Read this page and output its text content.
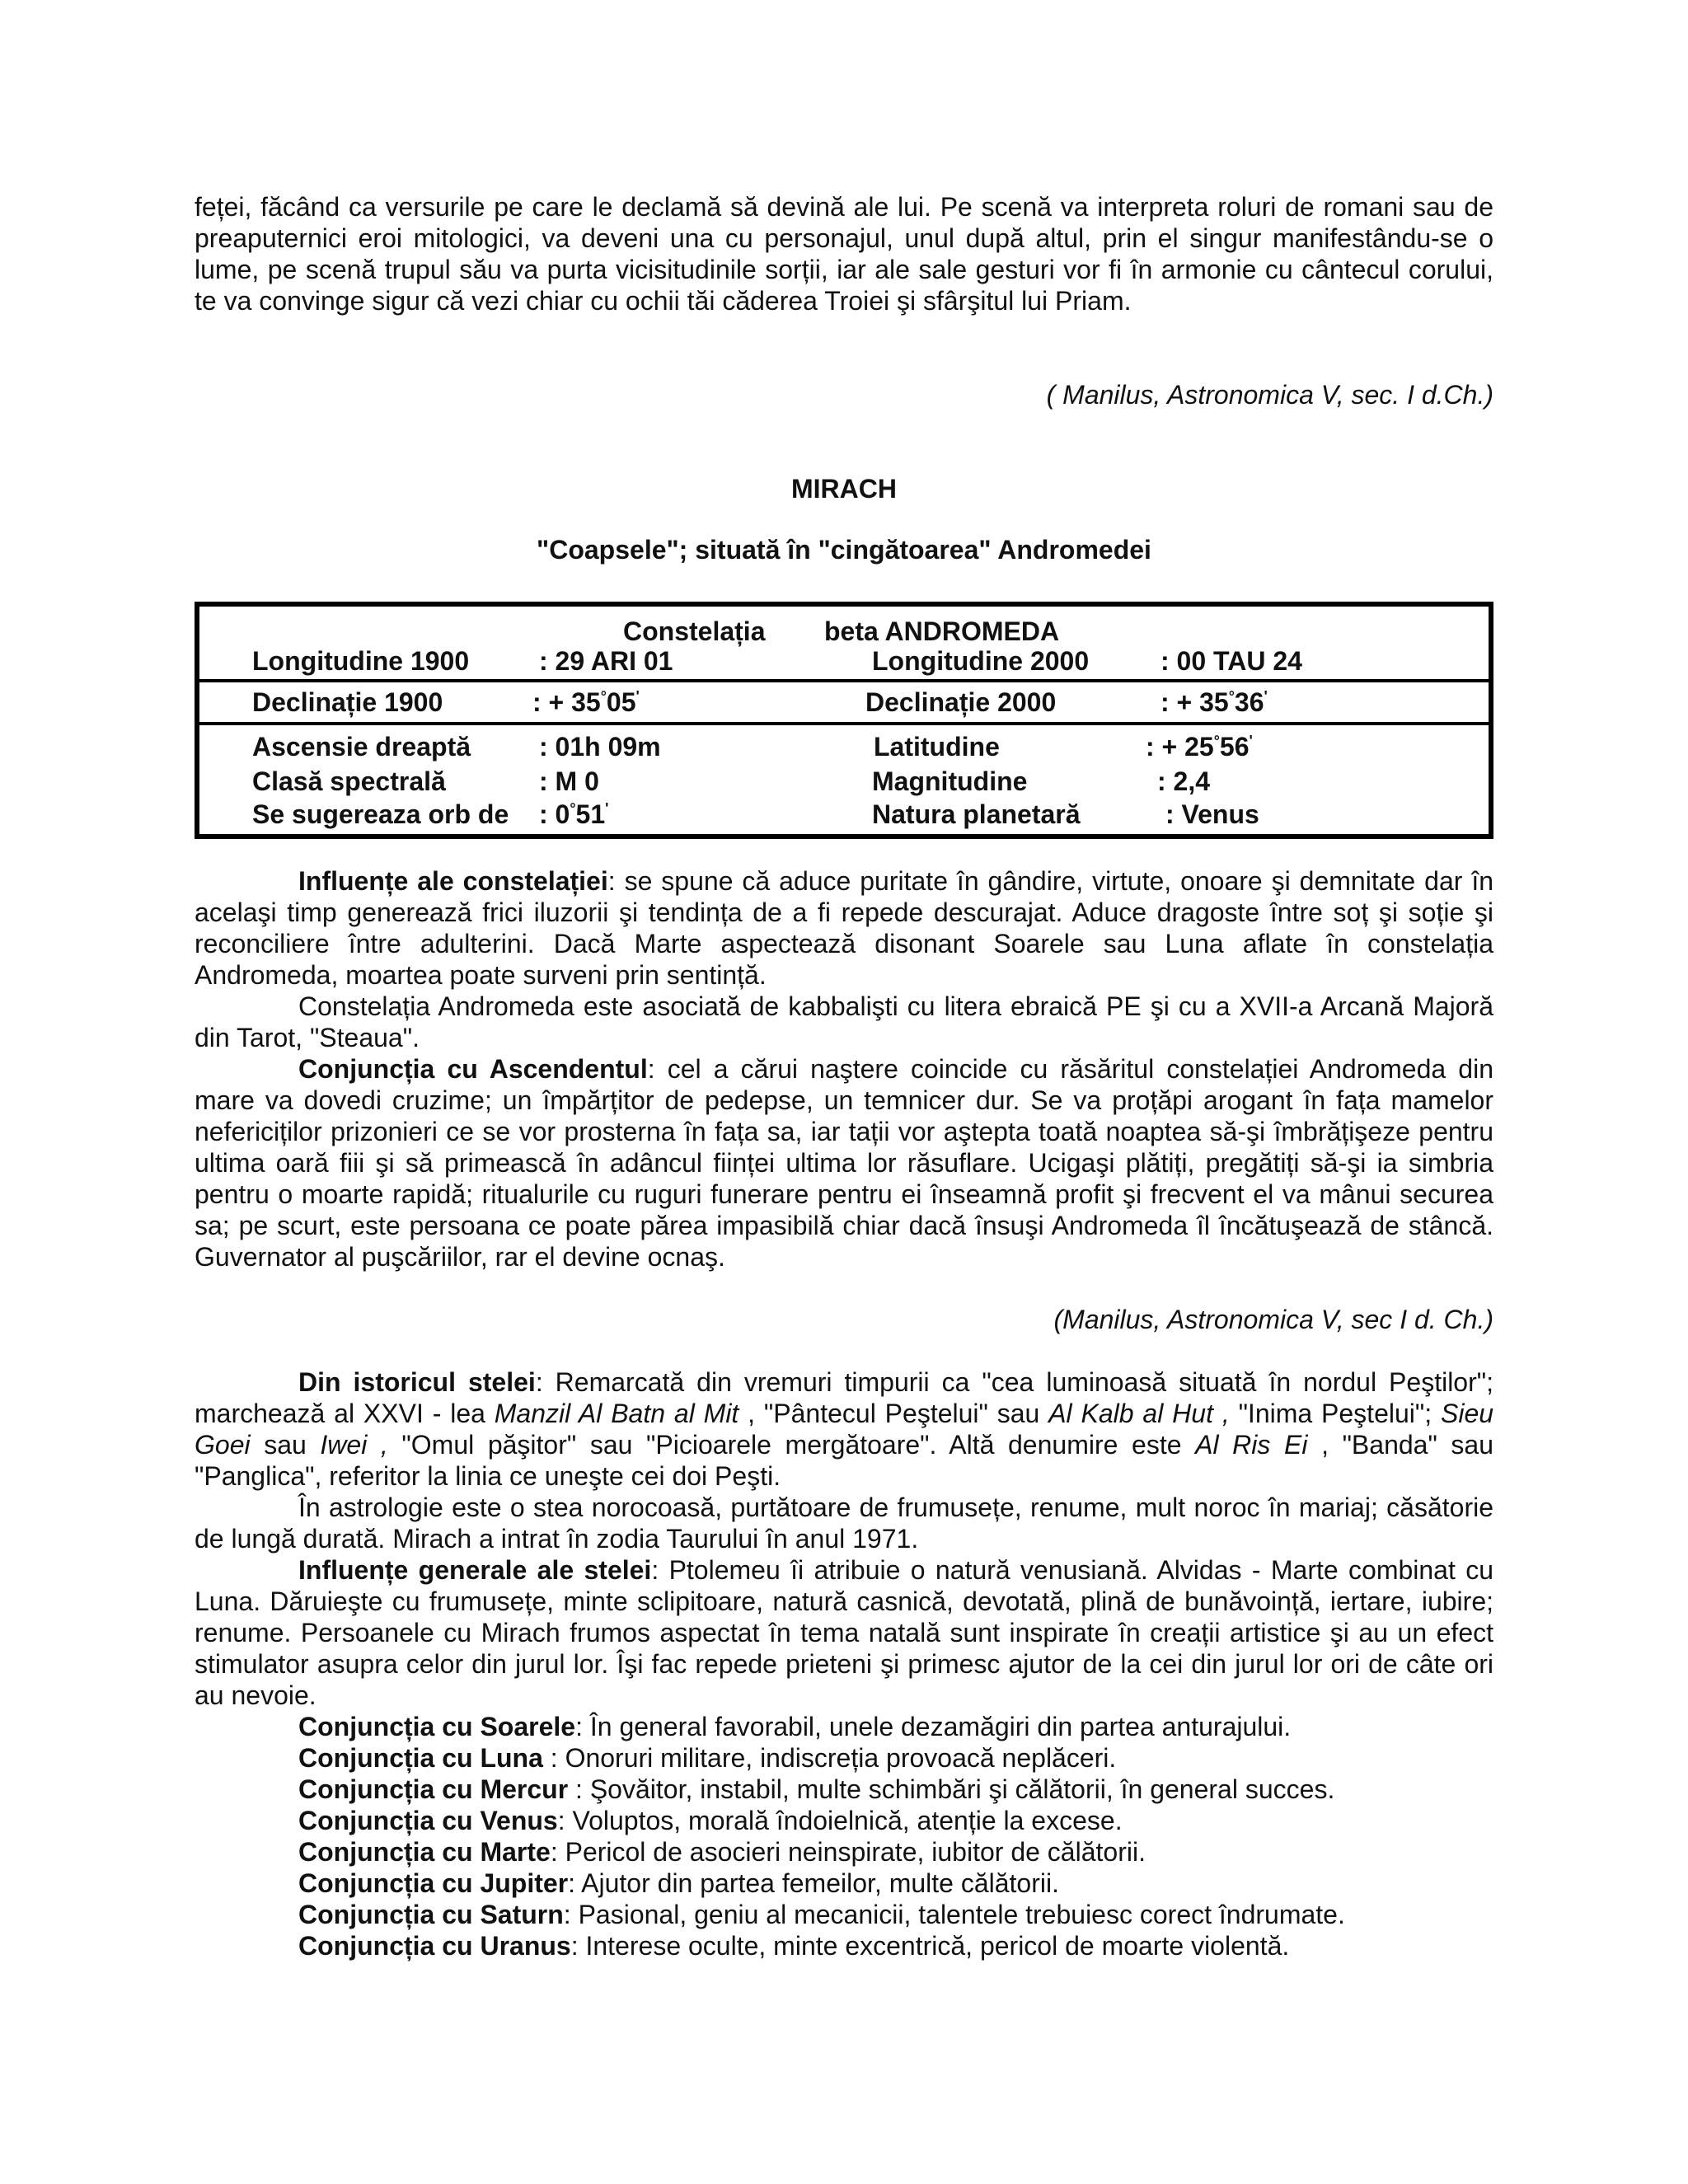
feței, făcând ca versurile pe care le declamă să devină ale lui. Pe scenă va interpreta roluri de romani sau de preaputernici eroi mitologici, va deveni una cu personajul, unul după altul, prin el singur manifestându-se o lume, pe scenă trupul său va purta vicisitudinile sorții, iar ale sale gesturi vor fi în armonie cu cântecul corului, te va convinge sigur că vezi chiar cu ochii tăi căderea Troiei şi sfârşitul lui Priam.

( Manilus, Astronomica V, sec. I d.Ch.)

MIRACH

"Coapsele"; situată în "cingătoarea" Andromedei

Constelația beta ANDROMEDA
Longitudine 1900	: 29 ARI 01	Longitudine 2000	: 00 TAU 24
Declinație 1900	: + 35°05'	Declinație 2000	: + 35°36'
Ascensie dreaptă	: 01h 09m	Latitudine	: + 25°56'
Clasă spectrală	: M 0	Magnitudine	: 2,4
Se sugereaza orb de : 0°51'	Natura planetară	: Venus

Influențe ale constelației: se spune că aduce puritate în gândire, virtute, onoare şi demnitate dar în acelaşi timp generează frici iluzorii şi tendința de a fi repede descurajat. Aduce dragoste între soț şi soție şi reconciliere între adulterini. Dacă Marte aspectează disonant Soarele sau Luna aflate în constelația Andromeda, moartea poate surveni prin sentință.

Constelația Andromeda este asociată de kabbalişti cu litera ebraică PE şi cu a XVII-a Arcană Majoră din Tarot, "Steaua".

Conjuncția cu Ascendentul: cel a cărui naştere coincide cu răsăritul constelației Andromeda din mare va dovedi cruzime; un împărțitor de pedepse, un temnicer dur. Se va proțăpi arogant în fața mamelor nefericiților prizonieri ce se vor prosterna în fața sa, iar tații vor aştepta toată noaptea să-şi îmbrățişeze pentru ultima oară fiii şi să primească în adâncul ființei ultima lor răsuflare. Ucigaşi plătiți, pregătiți să-şi ia simbria pentru o moarte rapidă; ritualurile cu ruguri funerare pentru ei înseamnă profit şi frecvent el va mânui securea sa; pe scurt, este persoana ce poate părea impasibilă chiar dacă însuşi Andromeda îl încătuşează de stâncă. Guvernator al puşcăriilor, rar el devine ocnaş.

(Manilus, Astronomica V, sec I d. Ch.)

Din istoricul stelei: Remarcată din vremuri timpurii ca "cea luminoasă situată în nordul Peştilor"; marchează al XXVI - lea Manzil Al Batn al Mit , "Pântecul Peştelui" sau Al Kalb al Hut , "Inima Peştelui"; Sieu Goei sau Iwei , "Omul păşitor" sau "Picioarele mergătoare". Altă denumire este Al Ris Ei , "Banda" sau "Panglica", referitor la linia ce uneşte cei doi Peşti.

În astrologie este o stea norocoasă, purtătoare de frumusețe, renume, mult noroc în mariaj; căsătorie de lungă durată. Mirach a intrat în zodia Taurului în anul 1971.

Influențe generale ale stelei: Ptolemeu îi atribuie o natură venusiană. Alvidas - Marte combinat cu Luna. Dăruieşte cu frumusețe, minte sclipitoare, natură casnică, devotată, plină de bunăvoință, iertare, iubire; renume. Persoanele cu Mirach frumos aspectat în tema natală sunt inspirate în creații artistice şi au un efect stimulator asupra celor din jurul lor. Îşi fac repede prieteni şi primesc ajutor de la cei din jurul lor ori de câte ori au nevoie.

Conjuncția cu Soarele: În general favorabil, unele dezamăgiri din partea anturajului.

Conjuncția cu Luna : Onoruri militare, indiscreția provoacă neplăceri.

Conjuncția cu Mercur : Şovăitor, instabil, multe schimbări şi călătorii, în general succes.

Conjuncția cu Venus: Voluptos, morală îndoielnică, atenție la excese.

Conjuncția cu Marte: Pericol de asocieri neinspirate, iubitor de călătorii.

Conjuncția cu Jupiter: Ajutor din partea femeilor, multe călătorii.

Conjuncția cu Saturn: Pasional, geniu al mecanicii, talentele trebuiesc corect îndrumate.

Conjuncția cu Uranus: Interese oculte, minte excentrică, pericol de moarte violentă.
